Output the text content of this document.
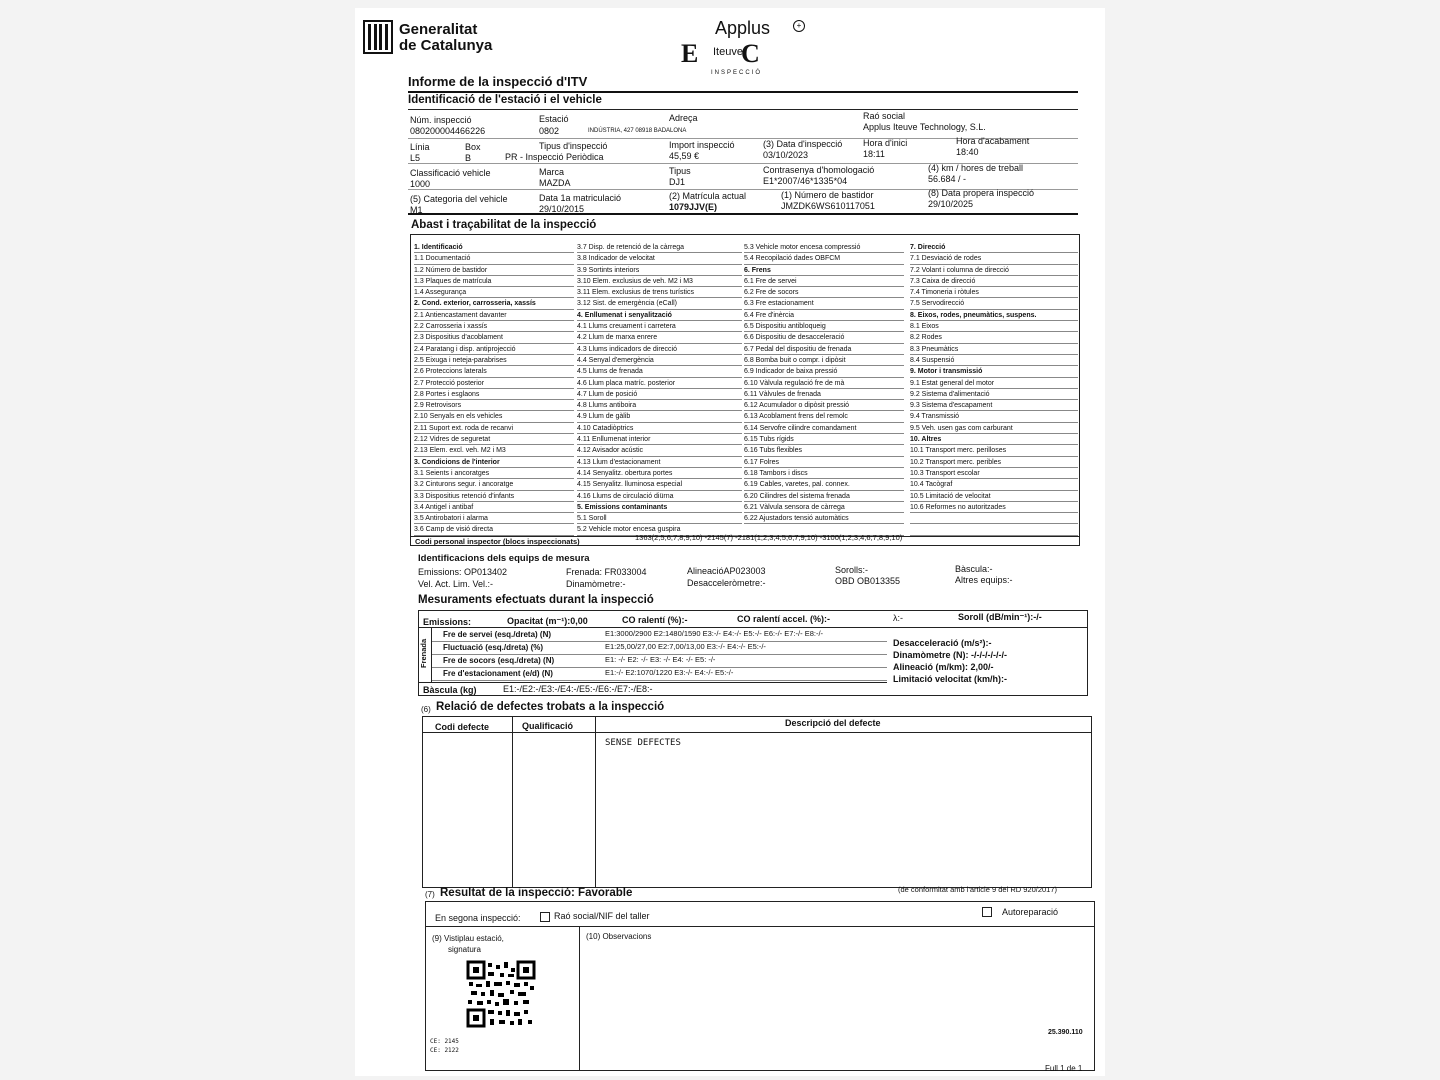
Generalitat
de Catalunya
Applus	+
E Iteuve
C
INSPECCIÓ
Informe de la inspecció d'ITV
Identificació de l'estació i el vehicle
Núm. inspecció
080200004466226
Estació
0802
Adreça
INDÚSTRIA, 427 08918 BADALONA
Raó social
Applus Iteuve Technology, S.L.
Línia
L5
Box
B
Tipus d'inspecció
PR - Inspecció Periòdica
Import inspecció
45,59 €
(3) Data d'inspecció
03/10/2023
Hora d'inici
18:11
Hora d'acabament
18:40
Classificació vehicle
1000
Marca
MAZDA
Tipus
DJ1
Contrasenya d'homologació
E1*2007/46*1335*04
(4) km / hores de treball
56.684 / -
(5) Categoria del vehicle
M1
Data 1a matriculació
29/10/2015
(2) Matrícula actual
1079JJV(E)
(1) Número de bastidor
JMZDK6WS610117051
(8) Data propera inspecció
29/10/2025
Abast i traçabilitat de la inspecció
1. Identificació
1.1 Documentació
1.2 Número de bastidor
1.3 Plaques de matrícula
1.4 Assegurança
2. Cond. exterior, carrosseria, xassís
2.1 Antiencastament davanter
2.2 Carrosseria i xassís
2.3 Dispositius d'acoblament
2.4 Paratang i disp. antiprojecció
2.5 Eixuga i neteja-parabrises
2.6 Proteccions laterals
2.7 Protecció posterior
2.8 Portes i esglaons
2.9 Retrovisors
2.10 Senyals en els vehicles
2.11 Suport ext. roda de recanvi
2.12 Vidres de seguretat
2.13 Elem. excl. veh. M2 i M3
3. Condicions de l'interior
3.1 Seients i ancoratges
3.2 Cinturons segur. i ancoratge
3.3 Dispositius retenció d'infants
3.4 Antigel i antibaf
3.5 Antirobatori i alarma
3.6 Camp de visió directa
3.7 Disp. de retenció de la càrrega
3.8 Indicador de velocitat
3.9 Sortints interiors
3.10 Elem. exclusius de veh. M2 i M3
3.11 Elem. exclusius de trens turístics
3.12 Sist. de emergència (eCall)
4. Enllumenat i senyalització
4.1 Llums creuament i carretera
4.2 Llum de marxa enrere
4.3 Llums indicadors de direcció
4.4 Senyal d'emergència
4.5 Llums de frenada
4.6 Llum placa matríc. posterior
4.7 Llum de posició
4.8 Llums antiboira
4.9 Llum de gàlib
4.10 Catadiòptrics
4.11 Enllumenat interior
4.12 Avisador acústic
4.13 Llum d'estacionament
4.14 Senyalitz. obertura portes
4.15 Senyalitz. lluminosa especial
4.16 Llums de circulació diürna
5. Emissions contaminants
5.1 Soroll
5.2 Vehicle motor encesa guspira
5.3 Vehicle motor encesa compressió
5.4 Recopilació dades OBFCM
6. Frens
6.1 Fre de servei
6.2 Fre de socors
6.3 Fre estacionament
6.4 Fre d'inèrcia
6.5 Dispositiu antibloqueig
6.6 Dispositiu de desacceleració
6.7 Pedal del dispositiu de frenada
6.8 Bomba buit o compr. i dipòsit
6.9 Indicador de baixa pressió
6.10 Vàlvula regulació fre de mà
6.11 Vàlvules de frenada
6.12 Acumulador o dipòsit pressió
6.13 Acoblament frens del remolc
6.14 Servofre cilindre comandament
6.15 Tubs rígids
6.16 Tubs flexibles
6.17 Folres
6.18 Tambors i discs
6.19 Cables, varetes, pal. connex.
6.20 Cilindres del sistema frenada
6.21 Vàlvula sensora de càrrega
6.22 Ajustadors tensió automàtics
7. Direcció
7.1 Desviació de rodes
7.2 Volant i columna de direcció
7.3 Caixa de direcció
7.4 Timoneria i ròtules
7.5 Servodirecció
8. Eixos, rodes, pneumàtics, suspens.
8.1 Eixos
8.2 Rodes
8.3 Pneumàtics
8.4 Suspensió
9. Motor i transmissió
9.1 Estat general del motor
9.2 Sistema d'alimentació
9.3 Sistema d'escapament
9.4 Transmissió
9.5 Veh. usen gas com carburant
10. Altres
10.1 Transport merc. perilloses
10.2 Transport merc. peribles
10.3 Transport escolar
10.4 Tacògraf
10.5 Limitació de velocitat
10.6 Reformes no autoritzades
Codi personal inspector (blocs inspeccionats)	1363(2;5;6;7;8;9;10) -2145(7) -2181(1;2;3;4;5;6;7;9;10) -3100(1;2;3;4;6;7;8;9;10)
Identificacions dels equips de mesura
Emissions: OP013402	Frenada: FR033004	AlineacióAP023003	Sorolls:-	Bàscula:-
Vel. Act. Lim. Vel.:-	Dinamòmetre:-	Desacceleròmetre:-	OBD OB013355	Altres equips:-
Mesuraments efectuats durant la inspecció
Emissions:	Opacitat (m⁻¹):0,00	CO ralentí (%):-	CO ralentí accel. (%):-	λ:-	Soroll (dB/min⁻¹):-/-
Frenada
Fre de servei (esq./dreta) (N)	E1:3000/2900 E2:1480/1590 E3:-/- E4:-/- E5:-/- E6:-/- E7:-/- E8:-/-
Fluctuació (esq./dreta) (%)	E1:25,00/27,00 E2:7,00/13,00 E3:-/- E4:-/- E5:-/-
Fre de socors (esq./dreta) (N)	E1: -/- E2: -/- E3: -/- E4: -/- E5: -/-
Fre d'estacionament (e/d) (N)	E1:-/- E2:1070/1220 E3:-/- E4:-/- E5:-/-
Desacceleració (m/s²):-
Dinamòmetre (N): -/-/-/-/-/-/-
Alineació (m/km): 2,00/-
Limitació velocitat (km/h):-
Bàscula (kg)	E1:-/E2:-/E3:-/E4:-/E5:-/E6:-/E7:-/E8:-
(6) Relació de defectes trobats a la inspecció
Codi defecte	Qualificació	Descripció del defecte
SENSE DEFECTES
(7) Resultat de la inspecció: Favorable	(de conformitat amb l'article 9 del RD 920/2017)
En segona inspecció:	Raó social/NIF del taller	Autoreparació
(9) Vistiplau estació,
signatura
(10) Observacions
CE: 2145
CE: 2122
25.390.110
Full 1 de 1
